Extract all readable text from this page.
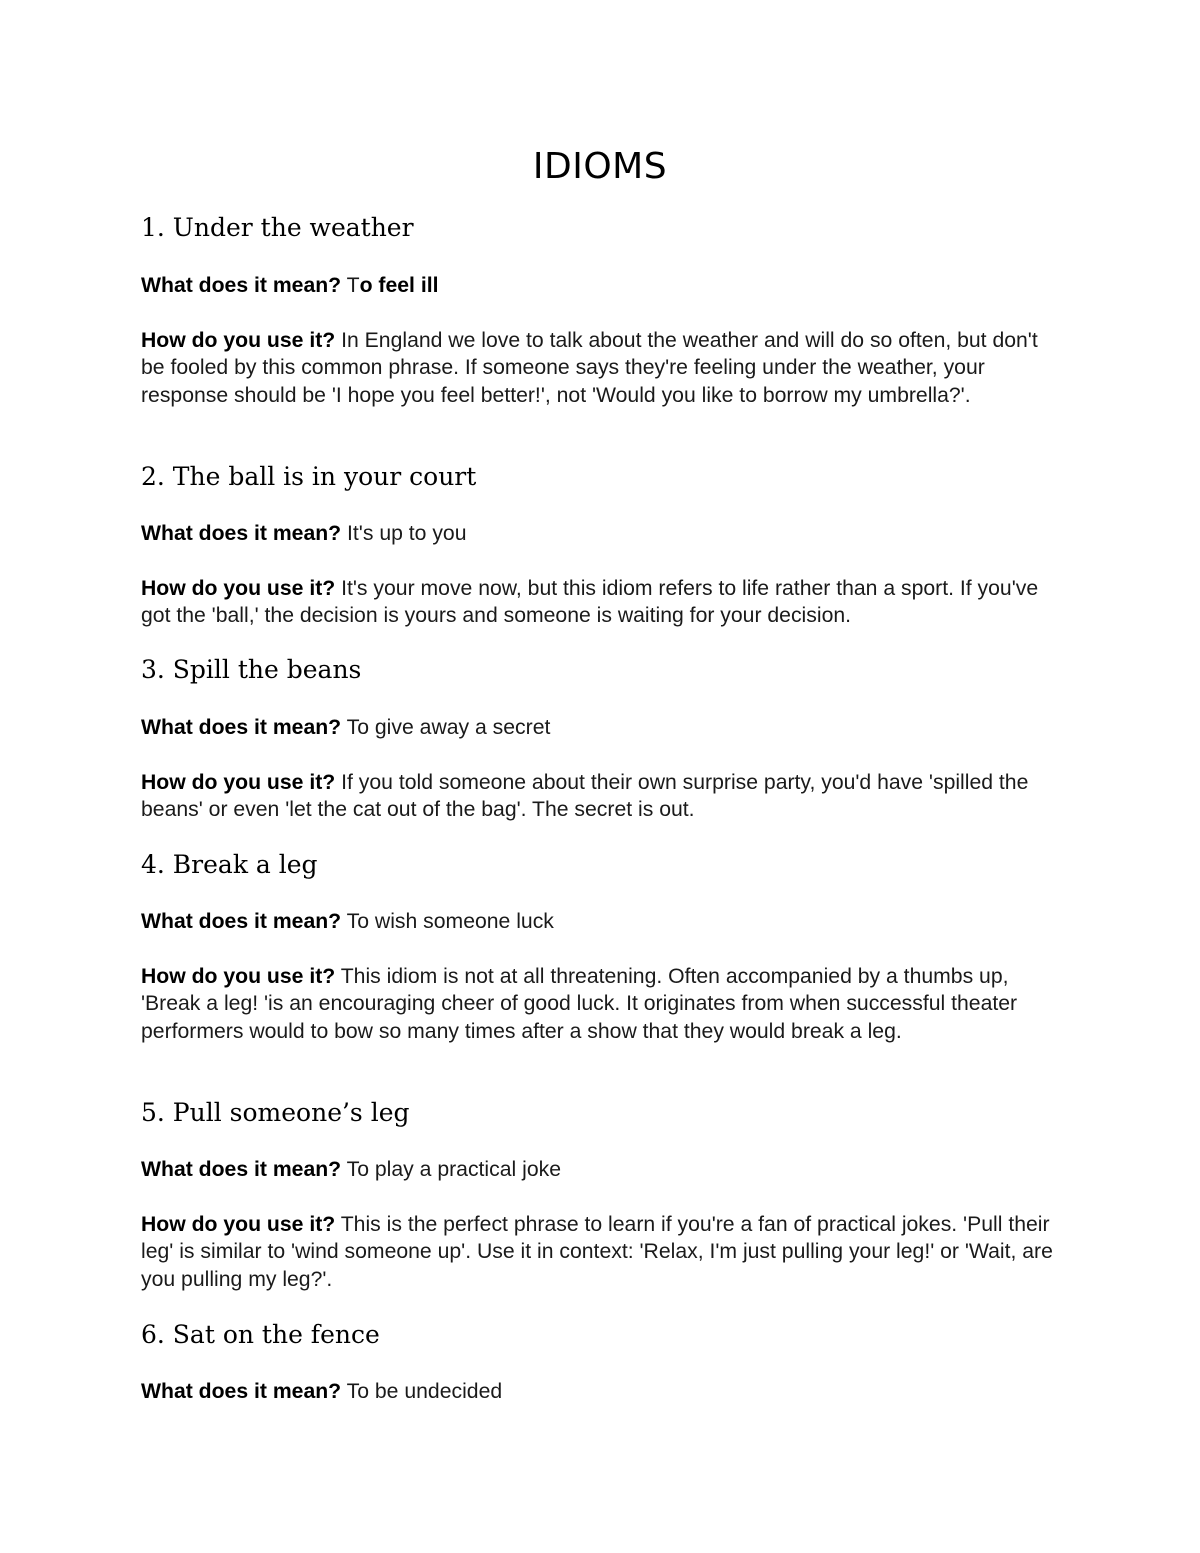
IDIOMS
1. Under the weather

What does it mean? To feel ill

How do you use it? In England we love to talk about the weather and will do so often, but don't be fooled by this common phrase. If someone says they're feeling under the weather, your response should be 'I hope you feel better!', not 'Would you like to borrow my umbrella?'.

2. The ball is in your court

What does it mean? It's up to you

How do you use it? It's your move now, but this idiom refers to life rather than a sport. If you've got the 'ball,' the decision is yours and someone is waiting for your decision.

3. Spill the beans

What does it mean? To give away a secret

How do you use it? If you told someone about their own surprise party, you'd have 'spilled the beans' or even 'let the cat out of the bag'. The secret is out.

4. Break a leg

What does it mean? To wish someone luck

How do you use it? This idiom is not at all threatening. Often accompanied by a thumbs up, 'Break a leg! 'is an encouraging cheer of good luck. It originates from when successful theater performers would to bow so many times after a show that they would break a leg.

5. Pull someone’s leg

What does it mean? To play a practical joke

How do you use it? This is the perfect phrase to learn if you're a fan of practical jokes. 'Pull their leg' is similar to 'wind someone up'. Use it in context: 'Relax, I'm just pulling your leg!' or 'Wait, are you pulling my leg?'.

6. Sat on the fence

What does it mean? To be undecided
